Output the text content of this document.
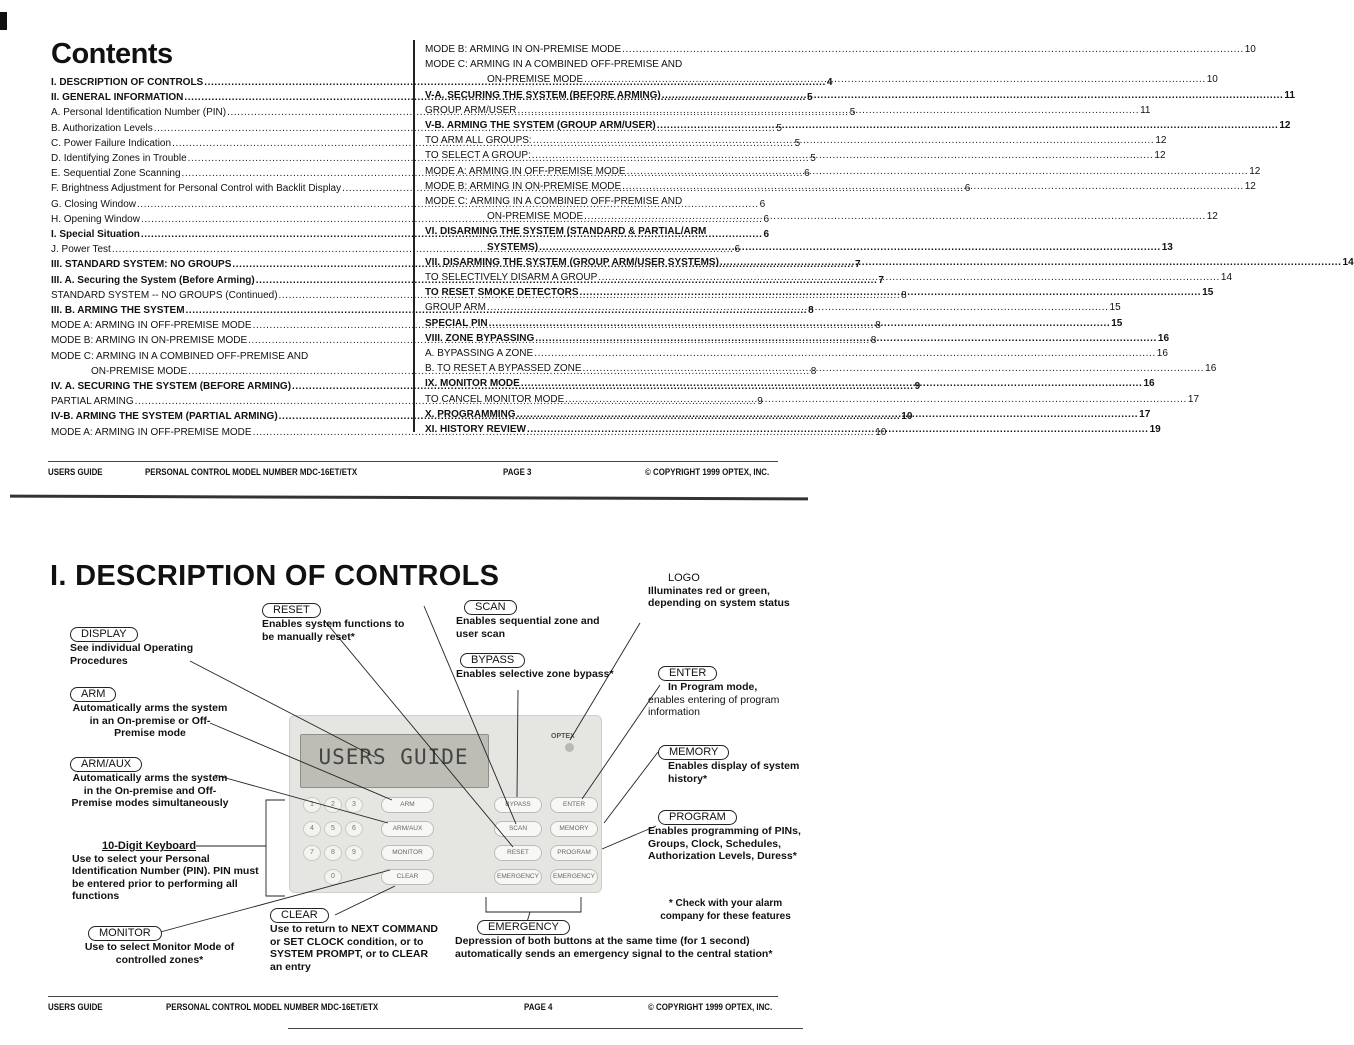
Contents
I. DESCRIPTION OF CONTROLS .....	4
II. GENERAL INFORMATION .....	5
A. Personal Identification Number (PIN) .....	5
B. Authorization Levels .....	5
C. Power Failure Indication .....	5
D. Identifying Zones in Trouble .....	5
E. Sequential Zone Scanning .....	6
F. Brightness Adjustment for Personal Control with Backlit Display .....	6
G. Closing Window .....	6
H. Opening Window .....	6
I. Special Situation .....	6
J. Power Test .....	6
III. STANDARD SYSTEM: NO GROUPS .....	7
III. A. Securing the System (Before Arming) .....	7
STANDARD SYSTEM -- NO GROUPS (Continued) .....	8
III. B. ARMING THE SYSTEM .....	8
MODE A: ARMING IN OFF-PREMISE MODE .....	8
MODE B: ARMING IN ON-PREMISE MODE .....	8
MODE C: ARMING IN A COMBINED OFF-PREMISE AND
ON-PREMISE MODE .....	8
IV. A. SECURING THE SYSTEM (BEFORE ARMING) .....	9
PARTIAL ARMING .....	9
IV-B. ARMING THE SYSTEM (PARTIAL ARMING) .....	10
MODE A: ARMING IN OFF-PREMISE MODE .....	10
MODE B: ARMING IN ON-PREMISE MODE .....	10
MODE C: ARMING IN A COMBINED OFF-PREMISE AND
ON-PREMISE MODE .....	10
V-A. SECURING THE SYSTEM (BEFORE ARMING) .....	11
GROUP ARM/USER .....	11
V-B. ARMING THE SYSTEM (GROUP ARM/USER) .....	12
TO ARM ALL GROUPS: .....	12
TO SELECT A GROUP: .....	12
MODE A: ARMING IN OFF-PREMISE MODE .....	12
MODE B: ARMING IN ON-PREMISE MODE .....	12
MODE C: ARMING IN A COMBINED OFF-PREMISE AND
ON-PREMISE MODE .....	12
VI. DISARMING THE SYSTEM (STANDARD & PARTIAL/ARM
SYSTEMS) .....	13
VII. DISARMING THE SYSTEM (GROUP ARM/USER SYSTEMS) .....	14
TO SELECTIVELY DISARM A GROUP .....	14
TO RESET SMOKE DETECTORS .....	15
GROUP ARM .....	15
SPECIAL PIN .....	15
VIII. ZONE BYPASSING .....	16
A. BYPASSING A ZONE .....	16
B. TO RESET A BYPASSED ZONE .....	16
IX. MONITOR MODE .....	16
TO CANCEL MONITOR MODE .....	17
X. PROGRAMMING .....	17
XI. HISTORY REVIEW .....	19
USERS GUIDE	PERSONAL CONTROL MODEL NUMBER MDC-16ET/ETX	PAGE 3	© COPYRIGHT 1999 OPTEX, INC.
I. DESCRIPTION OF CONTROLS
USERS GUIDE
OPTEX
1	2	3
4	5	6
7	8	9
0
ARM
ARM/AUX
MONITOR
CLEAR
BYPASS	ENTER
SCAN	MEMORY
RESET	PROGRAM
EMERGENCY	EMERGENCY
DISPLAY
See individual Operating Procedures
ARM
Automatically arms the system in an On-premise or Off-Premise mode
ARM/AUX
Automatically arms the system in the On-premise and Off-Premise modes simultaneously
10-Digit Keyboard
Use to select your Personal Identification Number (PIN). PIN must be entered prior to performing all functions
MONITOR
Use to select Monitor Mode of controlled zones*
RESET
Enables system functions to be manually reset*
SCAN
Enables sequential zone and user scan
BYPASS
Enables selective zone bypass*
LOGO
Illuminates red or green, depending on system status
ENTER
In Program mode,
enables entering of program information
MEMORY
Enables display of system history*
PROGRAM
Enables programming of PINs, Groups, Clock, Schedules, Authorization Levels, Duress*
* Check with your alarm company for these features
CLEAR
Use to return to NEXT COMMAND or SET CLOCK condition, or to SYSTEM PROMPT, or to CLEAR an entry
EMERGENCY
Depression of both buttons at the same time (for 1 second) automatically sends an emergency signal to the central station*
USERS GUIDE	PERSONAL CONTROL MODEL NUMBER MDC-16ET/ETX	PAGE 4	© COPYRIGHT 1999 OPTEX, INC.
